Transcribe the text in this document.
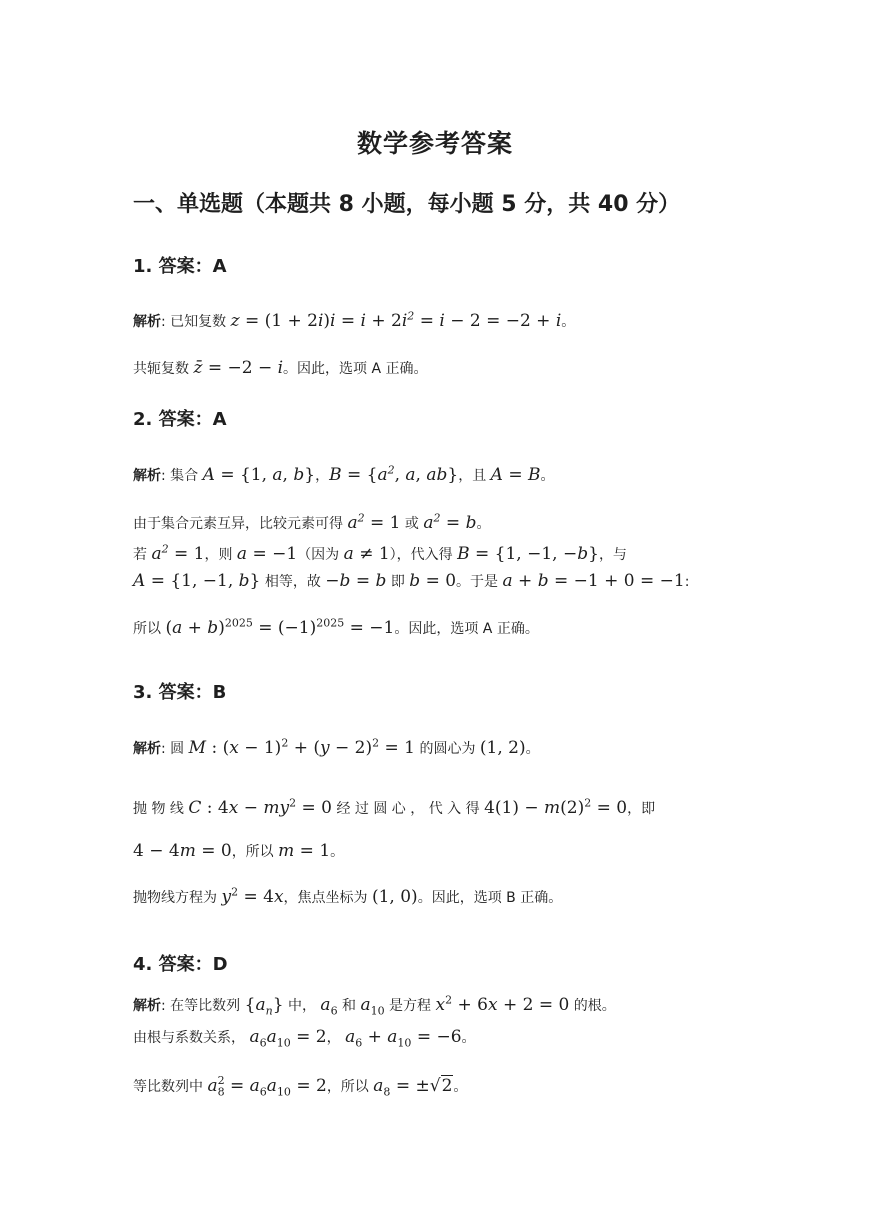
数学参考答案
一、单选题（本题共 8 小题，每小题 5 分，共 40 分）
1. 答案：A
解析: 已知复数 $z = (1 + 2i)i = i + 2i^2 = i - 2 = -2 + i$。
共轭复数 z̄ = −2 − i。因此，选项 A 正确。
2. 答案：A
解析: 集合 A = {1, a, b}，$B = \{a^2$, a, ab}，且 A = B。
由于集合元素互异，比较元素可得 $a^2 = 1$ 或 $a^2 = b$。
若 $a^2 = 1$，则 a = −1（因为 a ≠ 1），代入得 B = {1, −1, −b}，与
A = {1, −1, b} 相等，故 −b = b 即 b = 0。于是 a + b = −1 + 0 = −1:
所以 $(a + b)^{2025} = (-1)^{2025} = -1$。因此，选项 A 正确。
3. 答案：B
解析: 圆 M : $(x - 1)^2 + (y - 2)^2 = 1$ 的圆心为 (1, 2)。
抛 物 线 C : $4x - my^2 = 0$ 经 过 圆 心 ， 代 入 得 $4(1) - m(2)^2 = 0$，即
4 − 4m = 0，所以 m = 1。
抛物线方程为 $y^2 = 4x$，焦点坐标为 (1, 0)。因此，选项 B 正确。
4. 答案：D
解析: 在等比数列 $\{a_n\}$ 中， $a_6$ 和 $a_{10}$ 是方程 $x^2 + 6x + 2 = 0$ 的根。
由根与系数关系， $a_6a_{10} = 2$， $a_6 + a_{10} = -6$。
等比数列中 $a_8^2 = a_6a_{10} = 2$，所以 $a_8 = \pm√2$。
